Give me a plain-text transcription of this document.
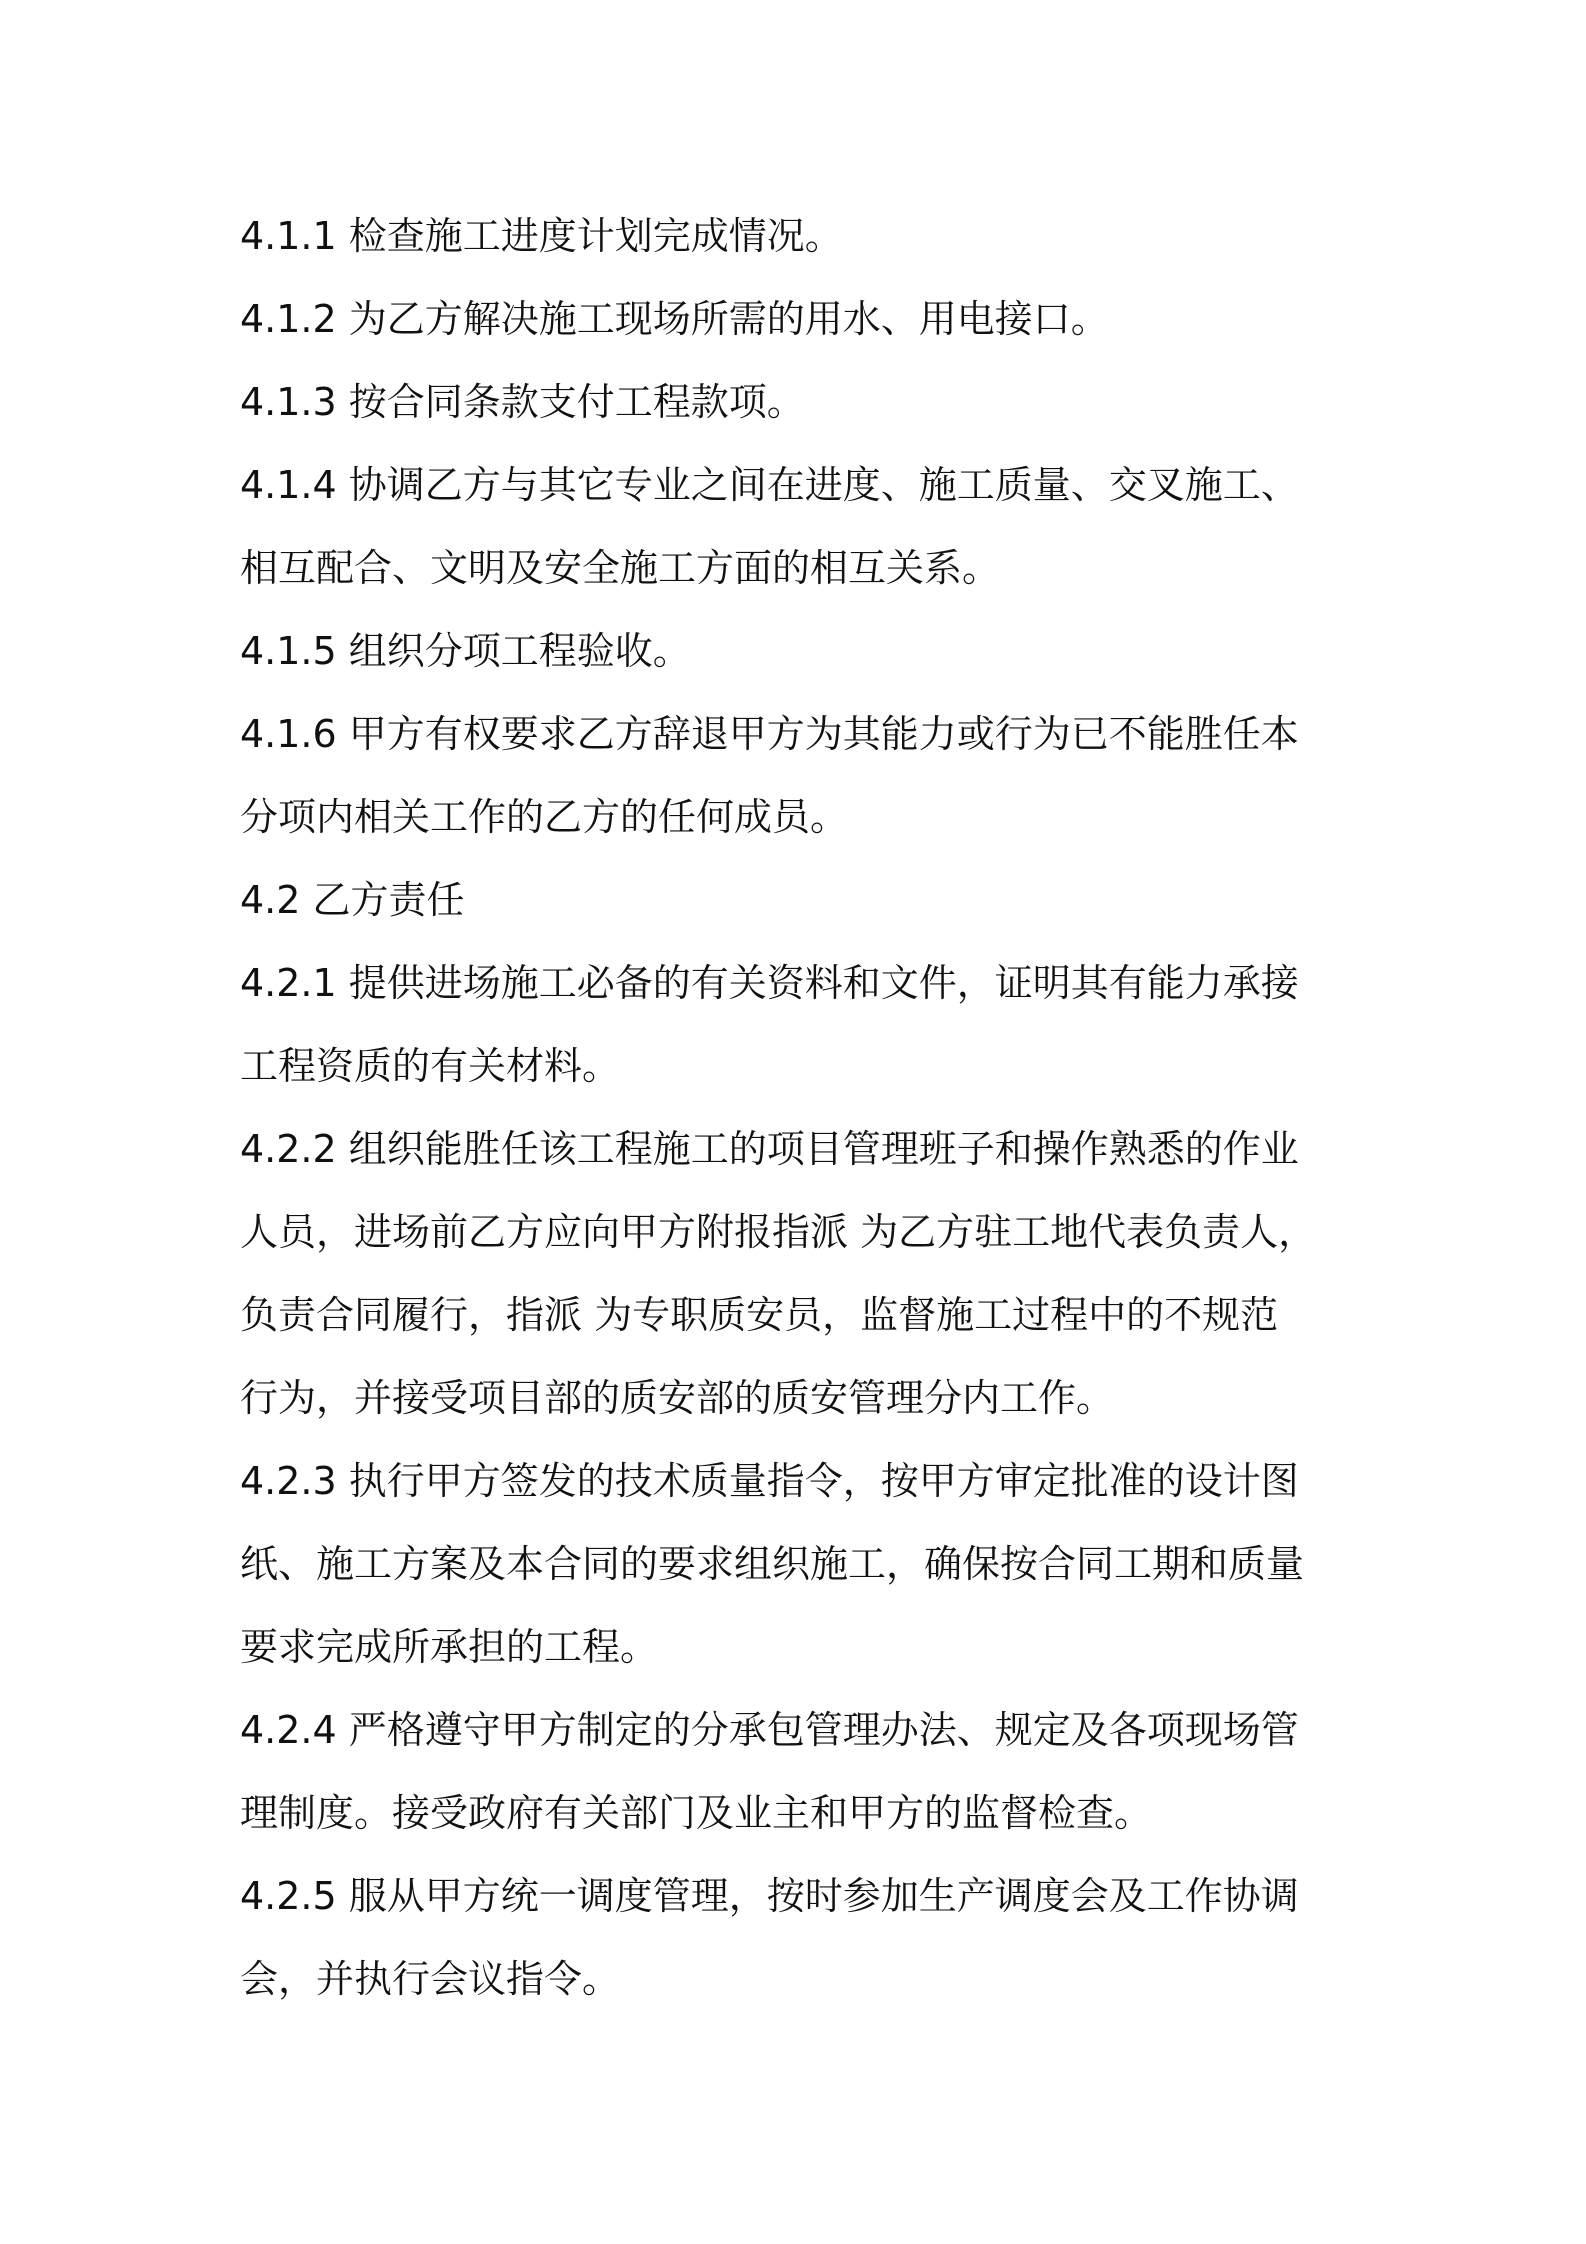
4.1.1 检查施工进度计划完成情况。
4.1.2 为乙方解决施工现场所需的用水、用电接口。
4.1.3 按合同条款支付工程款项。
4.1.4 协调乙方与其它专业之间在进度、施工质量、交叉施工、
相互配合、文明及安全施工方面的相互关系。
4.1.5 组织分项工程验收。
4.1.6 甲方有权要求乙方辞退甲方为其能力或行为已不能胜任本
分项内相关工作的乙方的任何成员。
4.2 乙方责任
4.2.1 提供进场施工必备的有关资料和文件，证明其有能力承接
工程资质的有关材料。
4.2.2 组织能胜任该工程施工的项目管理班子和操作熟悉的作业
人员，进场前乙方应向甲方附报指派 为乙方驻工地代表负责人，
负责合同履行，指派 为专职质安员，监督施工过程中的不规范
行为，并接受项目部的质安部的质安管理分内工作。
4.2.3 执行甲方签发的技术质量指令，按甲方审定批准的设计图
纸、施工方案及本合同的要求组织施工，确保按合同工期和质量
要求完成所承担的工程。
4.2.4 严格遵守甲方制定的分承包管理办法、规定及各项现场管
理制度。接受政府有关部门及业主和甲方的监督检查。
4.2.5 服从甲方统一调度管理，按时参加生产调度会及工作协调
会，并执行会议指令。
